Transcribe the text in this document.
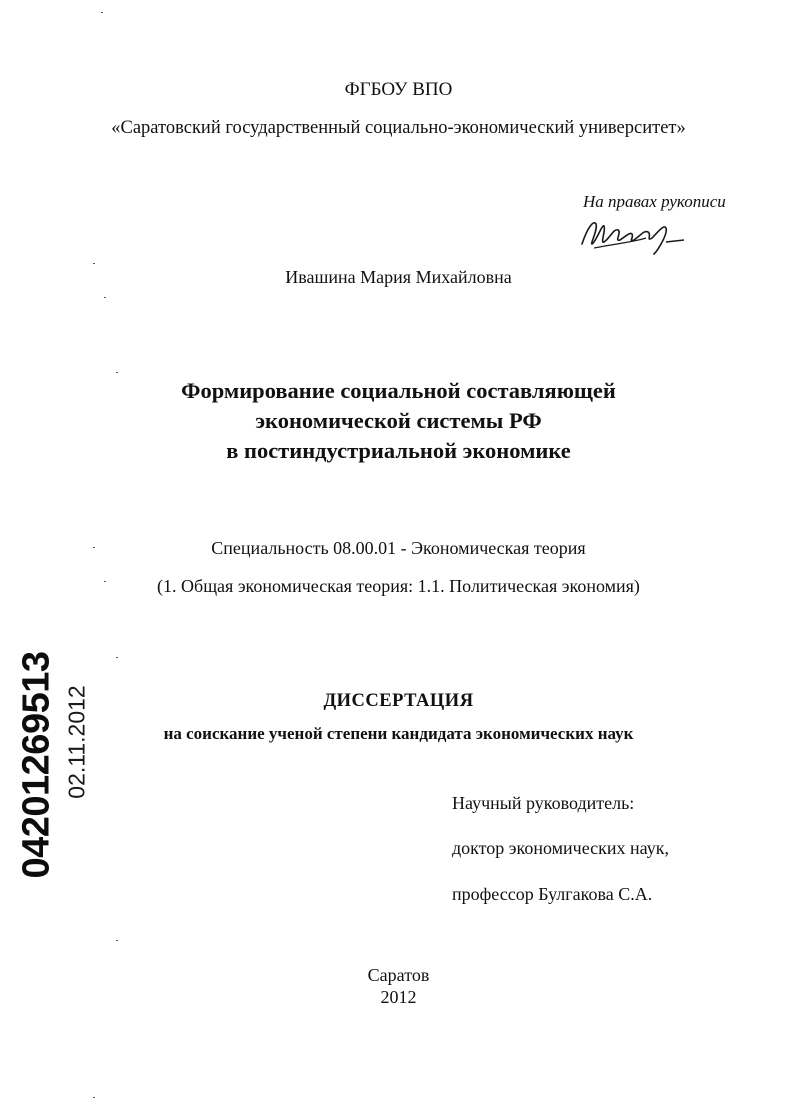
ФГБОУ ВПО
«Саратовский государственный социально-экономический университет»
На правах рукописи
Ивашина Мария Михайловна
Формирование социальной составляющей
экономической системы РФ
в постиндустриальной экономике
Специальность 08.00.01 - Экономическая теория
(1. Общая экономическая теория: 1.1. Политическая экономия)
ДИССЕРТАЦИЯ
на соискание ученой степени кандидата экономических наук
Научный руководитель:
доктор экономических наук,
профессор Булгакова С.А.
Саратов
2012
04201269513 02.11.2012
